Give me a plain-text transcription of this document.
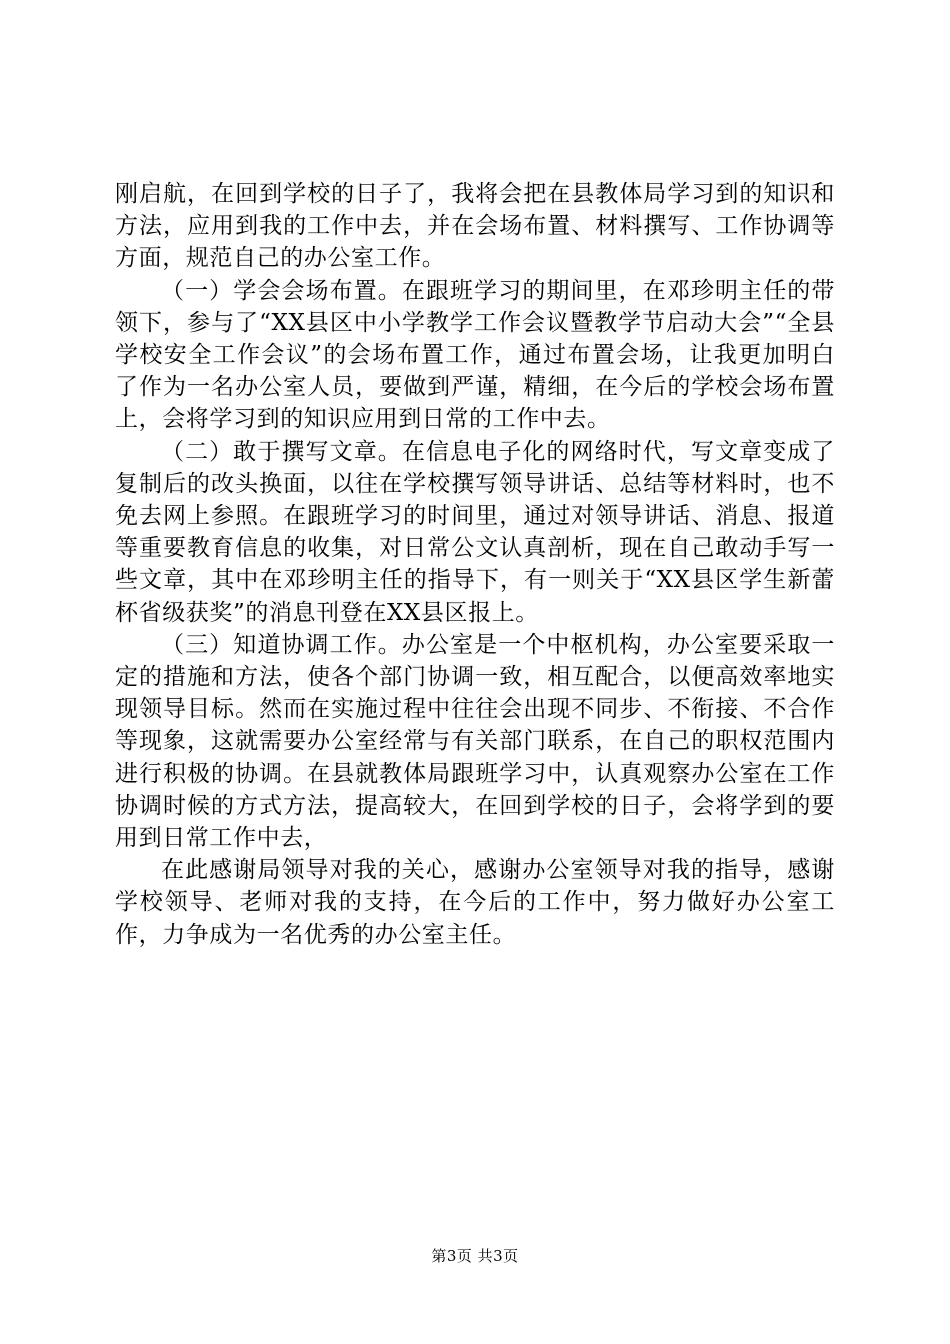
刚启航，在回到学校的日子了，我将会把在县教体局学习到的知识和方法，应用到我的工作中去，并在会场布置、材料撰写、工作协调等方面，规范自己的办公室工作。

（一）学会会场布置。在跟班学习的期间里，在邓珍明主任的带领下，参与了“XX县区中小学教学工作会议暨教学节启动大会”“全县学校安全工作会议”的会场布置工作，通过布置会场，让我更加明白了作为一名办公室人员，要做到严谨，精细，在今后的学校会场布置上，会将学习到的知识应用到日常的工作中去。

（二）敢于撰写文章。在信息电子化的网络时代，写文章变成了复制后的改头换面，以往在学校撰写领导讲话、总结等材料时，也不免去网上参照。在跟班学习的时间里，通过对领导讲话、消息、报道等重要教育信息的收集，对日常公文认真剖析，现在自己敢动手写一些文章，其中在邓珍明主任的指导下，有一则关于“XX县区学生新蕾杯省级获奖”的消息刊登在XX县区报上。

（三）知道协调工作。办公室是一个中枢机构，办公室要采取一定的措施和方法，使各个部门协调一致，相互配合，以便高效率地实现领导目标。然而在实施过程中往往会出现不同步、不衔接、不合作等现象，这就需要办公室经常与有关部门联系，在自己的职权范围内进行积极的协调。在县就教体局跟班学习中，认真观察办公室在工作协调时候的方式方法，提高较大，在回到学校的日子，会将学到的要用到日常工作中去，

在此感谢局领导对我的关心，感谢办公室领导对我的指导，感谢学校领导、老师对我的支持，在今后的工作中，努力做好办公室工作，力争成为一名优秀的办公室主任。

第3页 共3页
